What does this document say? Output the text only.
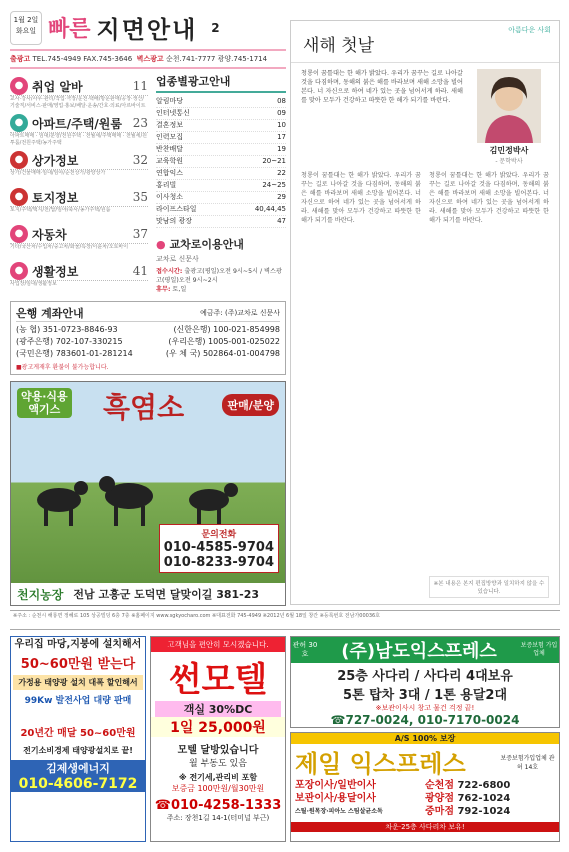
1월 2일
화요일 빠른 지면안내 2
출광고 TEL.745-4949 FAX.745-3646 벽스광고 순천.741-7777 광양.745-1714
● 취업 알바	11
교사·강사/사무·관리/작업·극장/운전·택배/방문판매/공장·생산/기술직/서비스·판매/영업·홍보/배달·운송/간호·의료/아르바이트
● 아파트/주택/원룸 23
아파트매매 · 임대/분양/전원주택 · 전월세/주택매매 · 전월세/원투룸/전원주택/농가주택
● 상가정보	32
상가/건물매매·임대/임야/순천상가/광양상가
● 토지정보	35
토지/주택/택지/전/답/임야/축사/농가주택/원룸
● 자동차	37
기타/국산차/수입차/중고차/화물/특장/이륜차/오토바이
● 생활정보	41
사업장/임대/생활정보
업종별광고안내
알림마당	08
인터넷통신	09
결혼정보	10
인력모집	17
반찬배달	19
교육학원	20~21
연합익스	22
홍리빌	24~25
이사청소	29
라이프스타일	40,44,45
맛남의 광장	47
● 교차로이용안내
교차로 신문사
접수시간: 출광고(평일)오전 9시~5시 / 벽스광고(평일)오전 9시~2시
휴무: 토,일
은행 계좌안내	예금주: (주)교차로 신문사
(농 협) 351-0723-8846-93	(신한은행) 100-021-854998
(광주은행) 702-107-330215	(우리은행) 1005-001-025022
(국민은행) 783601-01-281214	(우 체 국) 502864-01-004798
■광고게재후 환불이 불가능합니다.
약용·식용
액기스 흑염소	판매/분양
문의전화
010-4585-9704
010-8233-9704
천지농장 전남 고흥군 도덕면 달맞이길 381-23
아름다운 사회
새해 첫날
청룡이 꿈틀대는 한 해가 밝았다. 우리가 꿈꾸는 길로 나아갈 것을 다짐하며, 동해의 붉은 해를 바라보며 새해 소망을 빌어본다. 너 자신으로 하여 네가 있는 곳을 넘어서게 하라. 새해를 맞아 모두가 건강하고 따뜻한 한 해가 되기를 바란다.
김민정박사
- 문학박사
청룡이 꿈틀대는 한 해가 밝았다. 우리가 꿈꾸는 길로 나아갈 것을 다짐하며, 동해의 붉은 해를 바라보며 새해 소망을 빌어본다. 너 자신으로 하여 네가 있는 곳을 넘어서게 하라. 새해를 맞아 모두가 건강하고 따뜻한 한 해가 되기를 바란다.
청룡이 꿈틀대는 한 해가 밝았다. 우리가 꿈꾸는 길로 나아갈 것을 다짐하며, 동해의 붉은 해를 바라보며 새해 소망을 빌어본다. 너 자신으로 하여 네가 있는 곳을 넘어서게 하라. 새해를 맞아 모두가 건강하고 따뜻한 한 해가 되기를 바란다.
※본 내용은 본지 편집방향과 일치하지 않을 수 있습니다.
※주소 : 순천시 해룡면 정혜로 105 상공빌딩 6층 7층 ※홈페이지 www.sgkyocharo.com ※대표전화 745-4949 ※2012년 6월 18일 창간 ※등록번호 전남가00036호
우리집 마당,지붕에 설치해서
50~60만원 받는다
가정용 태양광 설치 대폭 할인해서
99Kw 발전사업 대량 판매
20년간 매달 50~60만원
전기소비경제 태양광설치로 끝!
김제생에너지
010-4606-7172
고객님을 편안히 모시겠습니다.
썬모텔
객실 30%DC
1일 25,000원
모텔 달방있습니다
월 부동도 있음
※ 전기세,관리비 포함
보증금 100만원/월30만원
☎010-4258-1333
주소: 장천1길 14-1(터미널 부근)
관허 30호	(주)남도익스프레스	보증보험 가입업체
25층 사다리 / 사다리 4대보유
5톤 탑차 3대 / 1톤 용달2대
※보관이사시 창고 물건 걱정 끝!
☎727-0024, 010-7170-0024
A/S 100% 보장
제일 익스프레스	보증보험가입업체 관허 14호
포장이사/일반이사
보관이사/용달이사
스틸·원목장·피아노 스팀살균소독
순천점 722-6800
광양점 762-1024
중마점 792-1024
차운·25층 사다리차 보유!
